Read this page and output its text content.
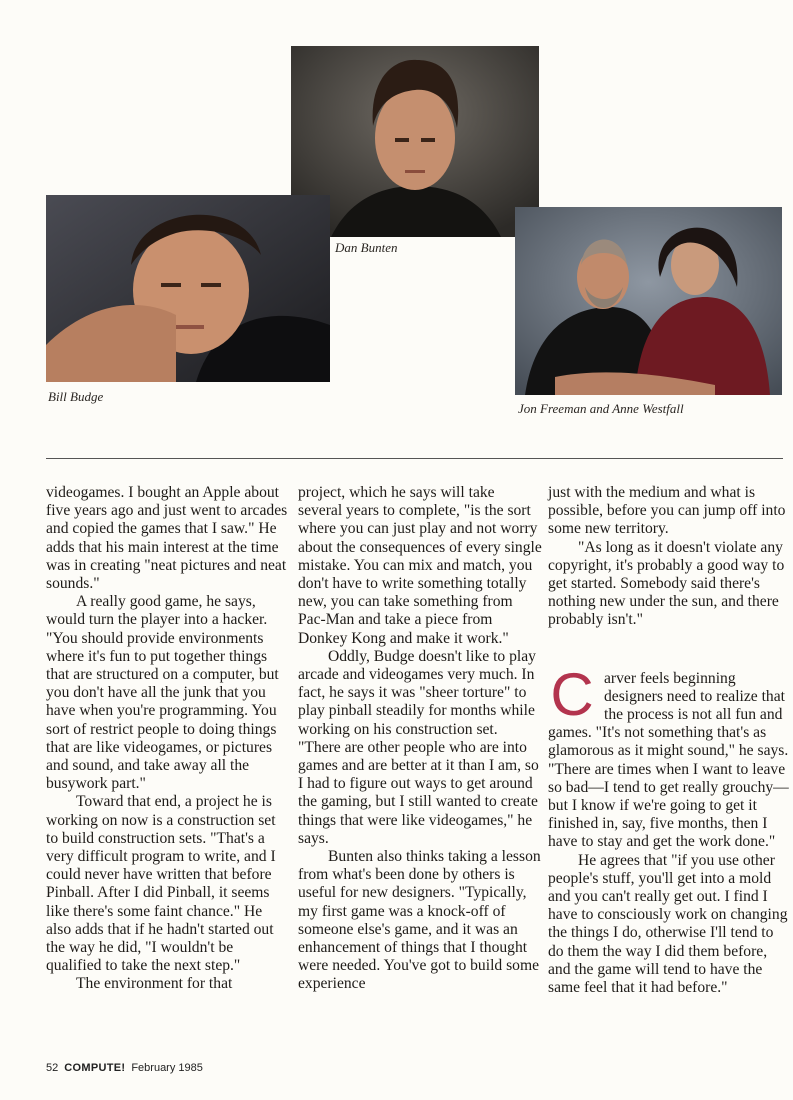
Dan Bunten
Bill Budge
Jon Freeman and Anne Westfall

videogames. I bought an Apple about five years ago and just went to arcades and copied the games that I saw." He adds that his main interest at the time was in creating "neat pictures and neat sounds."

A really good game, he says, would turn the player into a hacker. "You should provide environments where it's fun to put together things that are structured on a computer, but you don't have all the junk that you have when you're programming. You sort of restrict people to doing things that are like videogames, or pictures and sound, and take away all the busywork part."

Toward that end, a project he is working on now is a construction set to build construction sets. "That's a very difficult program to write, and I could never have written that before Pinball. After I did Pinball, it seems like there's some faint chance." He also adds that if he hadn't started out the way he did, "I wouldn't be qualified to take the next step."

The environment for that

project, which he says will take several years to complete, "is the sort where you can just play and not worry about the consequences of every single mistake. You can mix and match, you don't have to write something totally new, you can take something from Pac-Man and take a piece from Donkey Kong and make it work."

Oddly, Budge doesn't like to play arcade and videogames very much. In fact, he says it was "sheer torture" to play pinball steadily for months while working on his construction set. "There are other people who are into games and are better at it than I am, so I had to figure out ways to get around the gaming, but I still wanted to create things that were like videogames," he says.

Bunten also thinks taking a lesson from what's been done by others is useful for new designers. "Typically, my first game was a knock-off of someone else's game, and it was an enhancement of things that I thought were needed. You've got to build some experience

just with the medium and what is possible, before you can jump off into some new territory.

"As long as it doesn't violate any copyright, it's probably a good way to get started. Somebody said there's nothing new under the sun, and there probably isn't."

C arver feels beginning designers need to realize that the process is not all fun and games. "It's not something that's as glamorous as it might sound," he says. "There are times when I want to leave so bad—I tend to get really grouchy—but I know if we're going to get it finished in, say, five months, then I have to stay and get the work done."

He agrees that "if you use other people's stuff, you'll get into a mold and you can't really get out. I find I have to consciously work on changing the things I do, otherwise I'll tend to do them the way I did them before, and the game will tend to have the same feel that it had before."

52 COMPUTE! February 1985
